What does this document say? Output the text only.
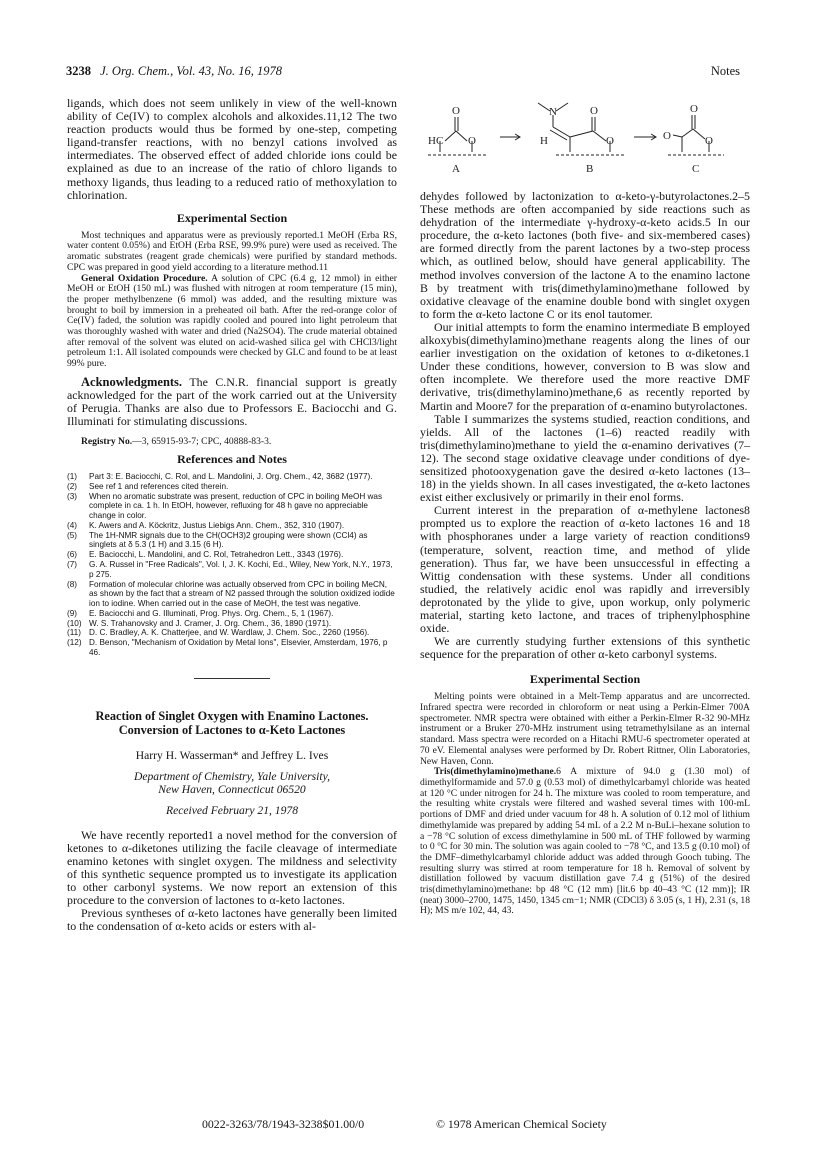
3238 J. Org. Chem., Vol. 43, No. 16, 1978	Notes

ligands, which does not seem unlikely in view of the well-known ability of Ce(IV) to complex alcohols and alkoxides.11,12 The two reaction products would thus be formed by one-step, competing ligand-transfer reactions, with no benzyl cations involved as intermediates. The observed effect of added chloride ions could be explained as due to an increase of the ratio of chloro ligands to methoxy ligands, thus leading to a reduced ratio of methoxylation to chlorination.

Experimental Section

Most techniques and apparatus were as previously reported.1 MeOH (Erba RS, water content 0.05%) and EtOH (Erba RSE, 99.9% pure) were used as received. The aromatic substrates (reagent grade chemicals) were purified by standard methods. CPC was prepared in good yield according to a literature method.11

General Oxidation Procedure. A solution of CPC (6.4 g, 12 mmol) in either MeOH or EtOH (150 mL) was flushed with nitrogen at room temperature (15 min), the proper methylbenzene (6 mmol) was added, and the resulting mixture was brought to boil by immersion in a preheated oil bath. After the red-orange color of Ce(IV) faded, the solution was rapidly cooled and poured into light petroleum that was thoroughly washed with water and dried (Na2SO4). The crude material obtained after removal of the solvent was eluted on acid-washed silica gel with CHCl3/light petroleum 1:1. All isolated compounds were checked by GLC and found to be at least 99% pure.

Acknowledgments. The C.N.R. financial support is greatly acknowledged for the part of the work carried out at the University of Perugia. Thanks are also due to Professors E. Baciocchi and G. Illuminati for stimulating discussions.

Registry No.—3, 65915-93-7; CPC, 40888-83-3.

References and Notes
(1) Part 3: E. Baciocchi, C. Rol, and L. Mandolini, J. Org. Chem., 42, 3682 (1977).
(2) See ref 1 and references cited therein.
(3) When no aromatic substrate was present, reduction of CPC in boiling MeOH was complete in ca. 1 h. In EtOH, however, refluxing for 48 h gave no appreciable change in color.
(4) K. Awers and A. Köckritz, Justus Liebigs Ann. Chem., 352, 310 (1907).
(5) The 1H-NMR signals due to the CH(OCH3)2 grouping were shown (CCl4) as singlets at δ 5.3 (1 H) and 3.15 (6 H).
(6) E. Baciocchi, L. Mandolini, and C. Rol, Tetrahedron Lett., 3343 (1976).
(7) G. A. Russel in "Free Radicals", Vol. I, J. K. Kochi, Ed., Wiley, New York, N.Y., 1973, p 275.
(8) Formation of molecular chlorine was actually observed from CPC in boiling MeCN, as shown by the fact that a stream of N2 passed through the solution oxidized iodide ion to iodine. When carried out in the case of MeOH, the test was negative.
(9) E. Baciocchi and G. Illuminati, Prog. Phys. Org. Chem., 5, 1 (1967).
(10) W. S. Trahanovsky and J. Cramer, J. Org. Chem., 36, 1890 (1971).
(11) D. C. Bradley, A. K. Chatterjee, and W. Wardlaw, J. Chem. Soc., 2260 (1956).
(12) D. Benson, "Mechanism of Oxidation by Metal Ions", Elsevier, Amsterdam, 1976, p 46.
Reaction of Singlet Oxygen with Enamino Lactones. Conversion of Lactones to α-Keto Lactones
Harry H. Wasserman* and Jeffrey L. Ives
Department of Chemistry, Yale University,
New Haven, Connecticut 06520
Received February 21, 1978

We have recently reported1 a novel method for the conversion of ketones to α-diketones utilizing the facile cleavage of intermediate enamino ketones with singlet oxygen. The mildness and selectivity of this synthetic sequence prompted us to investigate its application to other carbonyl systems. We now report an extension of this procedure to the conversion of lactones to α-keto lactones.

Previous syntheses of α-keto lactones have generally been limited to the condensation of α-keto acids or esters with al-

O
H C O
A
N
H
O
O
B
O
O
O
C

dehydes followed by lactonization to α-keto-γ-butyrolactones.2–5 These methods are often accompanied by side reactions such as dehydration of the intermediate γ-hydroxy-α-keto acids.5 In our procedure, the α-keto lactones (both five- and six-membered cases) are formed directly from the parent lactones by a two-step process which, as outlined below, should have general applicability. The method involves conversion of the lactone A to the enamino lactone B by treatment with tris(dimethylamino)methane followed by oxidative cleavage of the enamine double bond with singlet oxygen to form the α-keto lactone C or its enol tautomer.

Our initial attempts to form the enamino intermediate B employed alkoxybis(dimethylamino)methane reagents along the lines of our earlier investigation on the oxidation of ketones to α-diketones.1 Under these conditions, however, conversion to B was slow and often incomplete. We therefore used the more reactive DMF derivative, tris(dimethylamino)methane,6 as recently reported by Martin and Moore7 for the preparation of α-enamino butyrolactones.

Table I summarizes the systems studied, reaction conditions, and yields. All of the lactones (1–6) reacted readily with tris(dimethylamino)methane to yield the α-enamino derivatives (7–12). The second stage oxidative cleavage under conditions of dye-sensitized photooxygenation gave the desired α-keto lactones (13–18) in the yields shown. In all cases investigated, the α-keto lactones exist either exclusively or primarily in their enol forms.

Current interest in the preparation of α-methylene lactones8 prompted us to explore the reaction of α-keto lactones 16 and 18 with phosphoranes under a large variety of reaction conditions9 (temperature, solvent, reaction time, and method of ylide generation). Thus far, we have been unsuccessful in effecting a Wittig condensation with these systems. Under all conditions studied, the relatively acidic enol was rapidly and irreversibly deprotonated by the ylide to give, upon workup, only polymeric material, starting keto lactone, and traces of triphenylphosphine oxide.

We are currently studying further extensions of this synthetic sequence for the preparation of other α-keto carbonyl systems.

Experimental Section

Melting points were obtained in a Melt-Temp apparatus and are uncorrected. Infrared spectra were recorded in chloroform or neat using a Perkin-Elmer 700A spectrometer. NMR spectra were obtained with either a Perkin-Elmer R-32 90-MHz instrument or a Bruker 270-MHz instrument using tetramethylsilane as an internal standard. Mass spectra were recorded on a Hitachi RMU-6 spectrometer operated at 70 eV. Elemental analyses were performed by Dr. Robert Rittner, Olin Laboratories, New Haven, Conn.

Tris(dimethylamino)methane.6 A mixture of 94.0 g (1.30 mol) of dimethylformamide and 57.0 g (0.53 mol) of dimethylcarbamyl chloride was heated at 120 °C under nitrogen for 24 h. The mixture was cooled to room temperature, and the resulting white crystals were filtered and washed several times with 100-mL portions of DMF and dried under vacuum for 48 h. A solution of 0.12 mol of lithium dimethylamide was prepared by adding 54 mL of a 2.2 M n-BuLi–hexane solution to a −78 °C solution of excess dimethylamine in 500 mL of THF followed by warming to 0 °C for 30 min. The solution was again cooled to −78 °C, and 13.5 g (0.10 mol) of the DMF–dimethylcarbamyl chloride adduct was added through Gooch tubing. The resulting slurry was stirred at room temperature for 18 h. Removal of solvent by distillation followed by vacuum distillation gave 7.4 g (51%) of the desired tris(dimethylamino)methane: bp 48 °C (12 mm) [lit.6 bp 40–43 °C (12 mm)]; IR (neat) 3000–2700, 1475, 1450, 1345 cm−1; NMR (CDCl3) δ 3.05 (s, 1 H), 2.31 (s, 18 H); MS m/e 102, 44, 43.

0022-3263/78/1943-3238$01.00/0	© 1978 American Chemical Society
